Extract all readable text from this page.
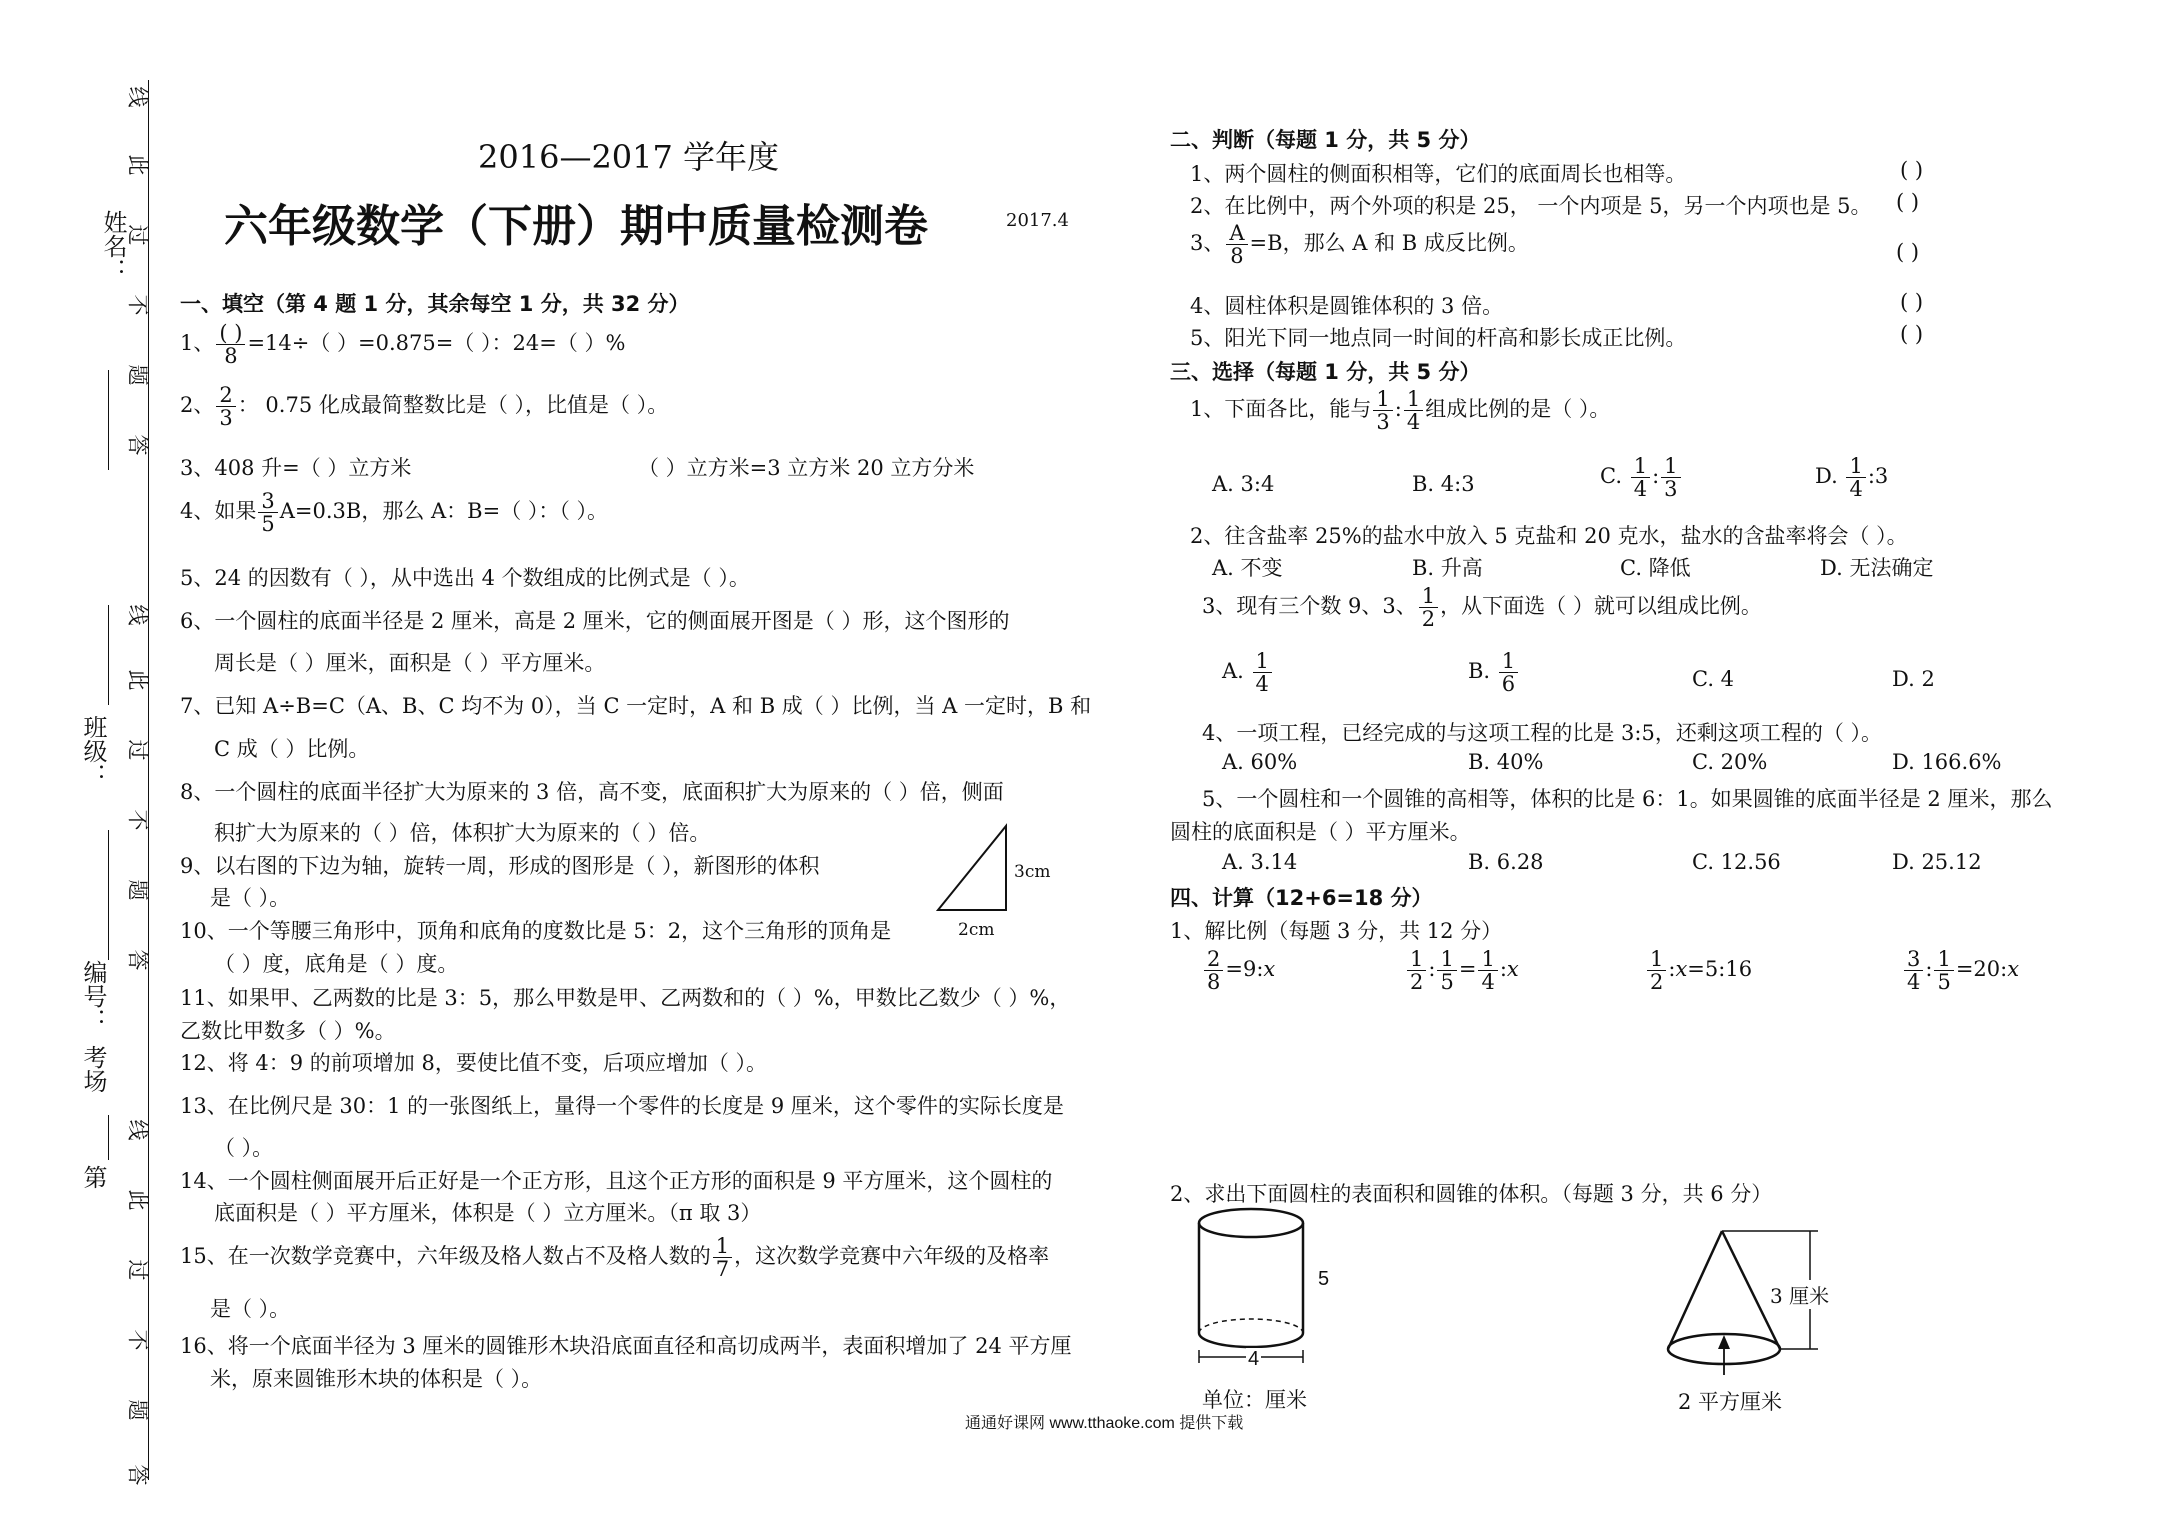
线
此
过
不
题
答
线
此
过
不
题
答
线
此
过
不
题
答
姓名：
班级：
编号：
考场
第
2016—2017 学年度
六年级数学（下册）期中质量检测卷	2017.4
一、填空（第 4 题 1 分，其余每空 1 分，共 32 分）
1、 $\frac{( )}{8} =14\div$（ ）=0.875=（ ）：24=（ ）%
2、 $\frac{2}{3}$ ： 0.75 化成最简整数比是（ ），比值是（ ）。
3、408 升=（ ）立方米	（ ）立方米=3 立方米 20 立方分米
4、如果 $\frac{3}{5} A=0.3B$，那么 A：B=（ ）：（ ）。
5、24 的因数有（ ），从中选出 4 个数组成的比例式是（ ）。
6、一个圆柱的底面半径是 2 厘米，高是 2 厘米，它的侧面展开图是（ ）形，这个图形的
周长是（ ）厘米，面积是（ ）平方厘米。
7、已知 A÷B=C（A、B、C 均不为 0），当 C 一定时，A 和 B 成（ ）比例，当 A 一定时，B 和
C 成（ ）比例。
8、一个圆柱的底面半径扩大为原来的 3 倍，高不变，底面积扩大为原来的（ ）倍，侧面
积扩大为原来的（ ）倍，体积扩大为原来的（ ）倍。
9、以右图的下边为轴，旋转一周，形成的图形是（ ），新图形的体积
是（ ）。
3cm
2cm
10、一个等腰三角形中，顶角和底角的度数比是 5：2，这个三角形的顶角是
（ ）度，底角是（ ）度。
11、如果甲、乙两数的比是 3：5，那么甲数是甲、乙两数和的（ ）%，甲数比乙数少（ ）%，
乙数比甲数多（ ）%。
12、将 4：9 的前项增加 8，要使比值不变，后项应增加（ ）。
13、在比例尺是 30：1 的一张图纸上，量得一个零件的长度是 9 厘米，这个零件的实际长度是
（ ）。
14、一个圆柱侧面展开后正好是一个正方形，且这个正方形的面积是 9 平方厘米，这个圆柱的
底面积是（ ）平方厘米，体积是（ ）立方厘米。（π 取 3）
15、在一次数学竞赛中，六年级及格人数占不及格人数的 $\frac{1}{7}$ ，这次数学竞赛中六年级的及格率
是（ ）。
16、将一个底面半径为 3 厘米的圆锥形木块沿底面直径和高切成两半，表面积增加了 24 平方厘
米，原来圆锥形木块的体积是（ ）。
二、判断（每题 1 分，共 5 分）
1、两个圆柱的侧面积相等，它们的底面周长也相等。	( )
2、在比例中，两个外项的积是 25， 一个内项是 5，另一个内项也是 5。 ( )
3、 $\frac{A}{8} =B$，那么 A 和 B 成反比例。	( )
4、圆柱体积是圆锥体积的 3 倍。	( )
5、阳光下同一地点同一时间的杆高和影长成正比例。	( )
三、选择（每题 1 分，共 5 分）
1、下面各比，能与 $\frac{1}{3}$ : $\frac{1}{4}$ 组成比例的是（ ）。
A. 3:4	B. 4:3	C. $\frac{1}{4}$ : $\frac{1}{3}$	D. $\frac{1}{4}$ :3
2、往含盐率 25%的盐水中放入 5 克盐和 20 克水，盐水的含盐率将会（ ）。
A. 不变	B. 升高	C. 降低	D. 无法确定
3、现有三个数 9、3、 $\frac{1}{2}$ ，从下面选（ ）就可以组成比例。
A. $\frac{1}{4}$	B. $\frac{1}{6}$	C. 4	D. 2
4、一项工程，已经完成的与这项工程的比是 3:5，还剩这项工程的（ ）。
A. 60%	B. 40%	C. 20%	D. 166.6%
5、一个圆柱和一个圆锥的高相等，体积的比是 6：1。如果圆锥的底面半径是 2 厘米，那么
圆柱的底面积是（ ）平方厘米。
A. 3.14	B. 6.28	C. 12.56	D. 25.12
四、计算（12+6=18 分）
1、解比例（每题 3 分，共 12 分）
$\frac{2}{8}$ =9:x	$\frac{1}{2}$ : $\frac{1}{5} = \frac{1}{4}$ :x	$\frac{1}{2}$ :x=5:16	$\frac{3}{4}$ : $\frac{1}{5}$ =20:x
2、求出下面圆柱的表面积和圆锥的体积。（每题 3 分，共 6 分）
5
4
单位：厘米
3 厘米
2 平方厘米
通通好课网 www.tthaoke.com 提供下载
